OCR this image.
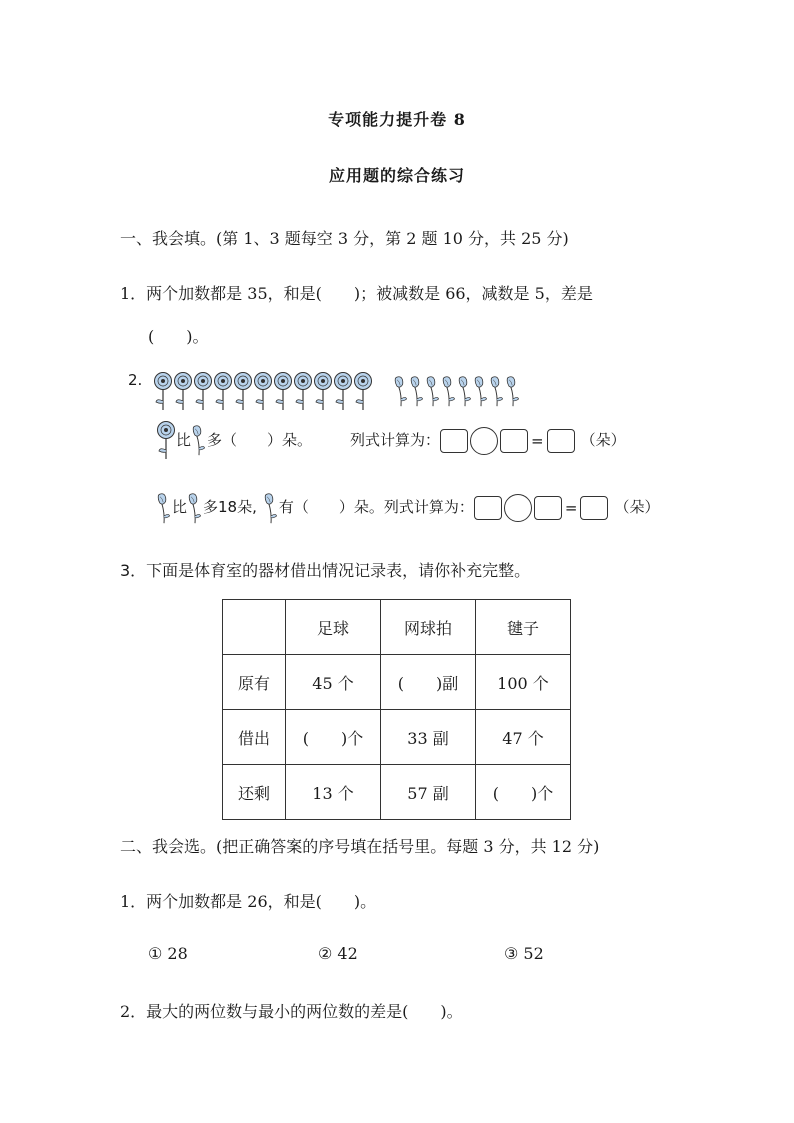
专项能力提升卷 8
应用题的综合练习
一、我会填。(第 1、3 题每空 3 分，第 2 题 10 分，共 25 分)
1．两个加数都是 35，和是(　　)；被减数是 66，减数是 5，差是
(　　)。
2.
比 多（　　）朵。	列式计算为：	= （朵）
比 多18朵, 有（　　）朵。列式计算为：	= （朵）
3．下面是体育室的器材借出情况记录表，请你补充完整。
	足球	网球拍	毽子
原有	45 个	(　　)副	100 个
借出	(　　)个	33 副	47 个
还剩	13 个	57 副	(　　)个
二、我会选。(把正确答案的序号填在括号里。每题 3 分，共 12 分)
1．两个加数都是 26，和是(　　)。
① 28	② 42	③ 52
2．最大的两位数与最小的两位数的差是(　　)。
